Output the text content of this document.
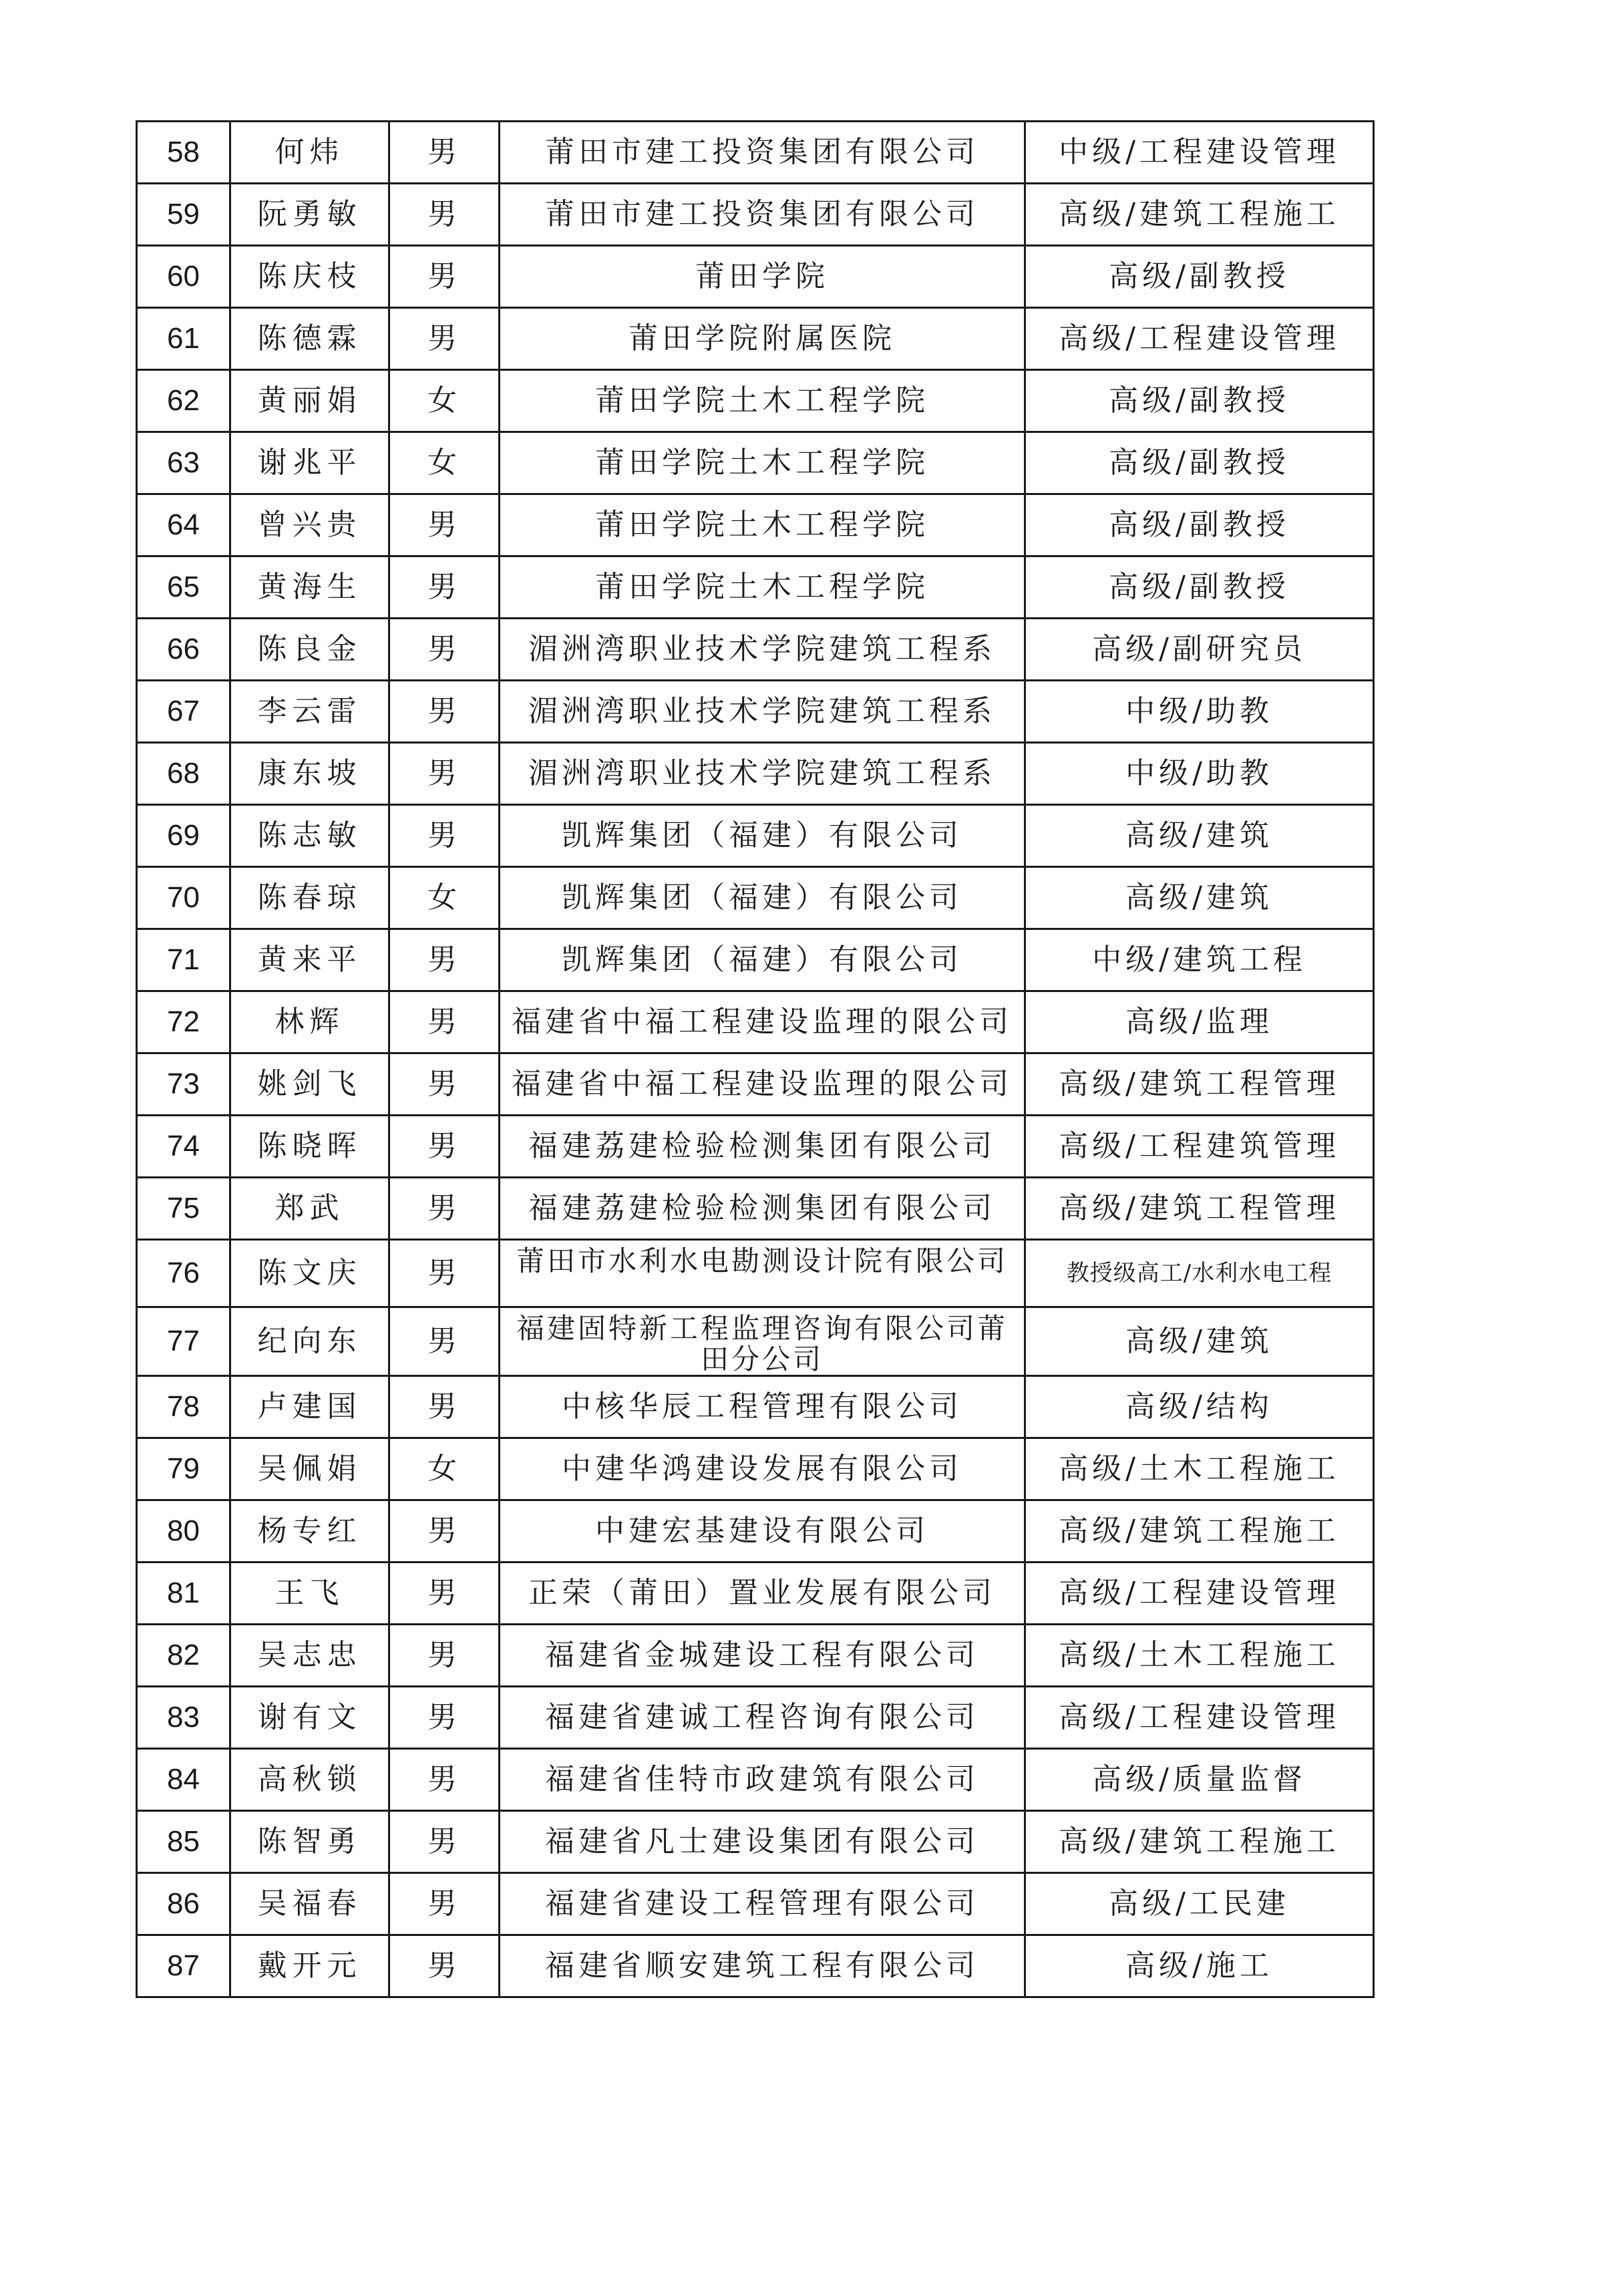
58	何炜	男	莆田市建工投资集团有限公司	中级/工程建设管理
59	阮勇敏	男	莆田市建工投资集团有限公司	高级/建筑工程施工
60	陈庆枝	男	莆田学院	高级/副教授
61	陈德霖	男	莆田学院附属医院	高级/工程建设管理
62	黄丽娟	女	莆田学院土木工程学院	高级/副教授
63	谢兆平	女	莆田学院土木工程学院	高级/副教授
64	曾兴贵	男	莆田学院土木工程学院	高级/副教授
65	黄海生	男	莆田学院土木工程学院	高级/副教授
66	陈良金	男	湄洲湾职业技术学院建筑工程系	高级/副研究员
67	李云雷	男	湄洲湾职业技术学院建筑工程系	中级/助教
68	康东坡	男	湄洲湾职业技术学院建筑工程系	中级/助教
69	陈志敏	男	凯辉集团（福建）有限公司	高级/建筑
70	陈春琼	女	凯辉集团（福建）有限公司	高级/建筑
71	黄来平	男	凯辉集团（福建）有限公司	中级/建筑工程
72	林辉	男	福建省中福工程建设监理的限公司	高级/监理
73	姚剑飞	男	福建省中福工程建设监理的限公司	高级/建筑工程管理
74	陈晓晖	男	福建荔建检验检测集团有限公司	高级/工程建筑管理
75	郑武	男	福建荔建检验检测集团有限公司	高级/建筑工程管理
76	陈文庆	男	莆田市水利水电勘测设计院有限公司	教授级高工/水利水电工程
77	纪向东	男	福建固特新工程监理咨询有限公司莆田分公司	高级/建筑
78	卢建国	男	中核华辰工程管理有限公司	高级/结构
79	吴佩娟	女	中建华鸿建设发展有限公司	高级/土木工程施工
80	杨专红	男	中建宏基建设有限公司	高级/建筑工程施工
81	王飞	男	正荣（莆田）置业发展有限公司	高级/工程建设管理
82	吴志忠	男	福建省金城建设工程有限公司	高级/土木工程施工
83	谢有文	男	福建省建诚工程咨询有限公司	高级/工程建设管理
84	高秋锁	男	福建省佳特市政建筑有限公司	高级/质量监督
85	陈智勇	男	福建省凡士建设集团有限公司	高级/建筑工程施工
86	吴福春	男	福建省建设工程管理有限公司	高级/工民建
87	戴开元	男	福建省顺安建筑工程有限公司	高级/施工
